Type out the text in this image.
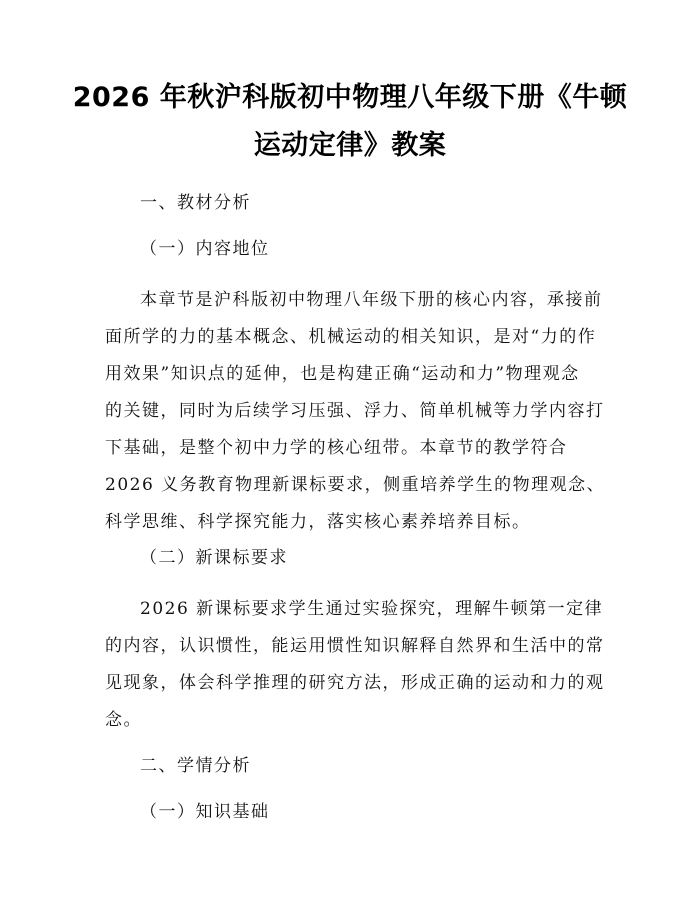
2026 年秋沪科版初中物理八年级下册《牛顿
运动定律》教案
一、教材分析
（一）内容地位
本章节是沪科版初中物理八年级下册的核心内容，承接前
面所学的力的基本概念、机械运动的相关知识，是对“力的作
用效果”知识点的延伸，也是构建正确“运动和力”物理观念
的关键，同时为后续学习压强、浮力、简单机械等力学内容打
下基础，是整个初中力学的核心纽带。本章节的教学符合
2026 义务教育物理新课标要求，侧重培养学生的物理观念、
科学思维、科学探究能力，落实核心素养培养目标。
（二）新课标要求
2026 新课标要求学生通过实验探究，理解牛顿第一定律
的内容，认识惯性，能运用惯性知识解释自然界和生活中的常
见现象，体会科学推理的研究方法，形成正确的运动和力的观
念。
二、学情分析
（一）知识基础
